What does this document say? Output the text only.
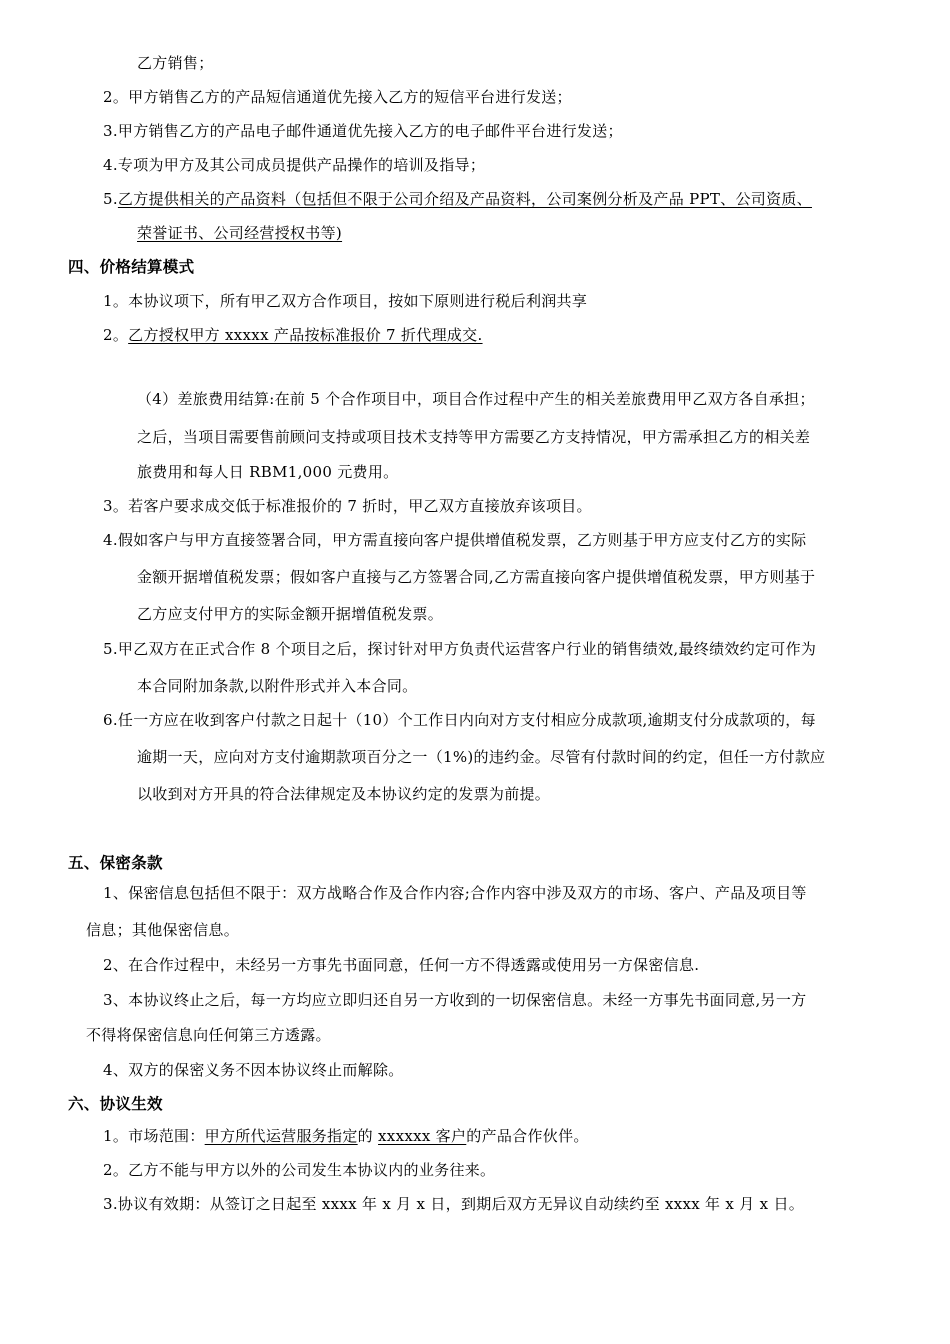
乙方销售；
2。甲方销售乙方的产品短信通道优先接入乙方的短信平台进行发送；
3.甲方销售乙方的产品电子邮件通道优先接入乙方的电子邮件平台进行发送；
4.专项为甲方及其公司成员提供产品操作的培训及指导；
5.乙方提供相关的产品资料（包括但不限于公司介绍及产品资料，公司案例分析及产品 PPT、公司资质、
荣誉证书、公司经营授权书等)
四、价格结算模式
1。本协议项下，所有甲乙双方合作项目，按如下原则进行税后利润共享
2。乙方授权甲方 xxxxx 产品按标准报价 7 折代理成交.
（4）差旅费用结算:在前 5 个合作项目中，项目合作过程中产生的相关差旅费用甲乙双方各自承担；
之后，当项目需要售前顾问支持或项目技术支持等甲方需要乙方支持情况，甲方需承担乙方的相关差
旅费用和每人日 RBM1,000 元费用。
3。若客户要求成交低于标准报价的 7 折时，甲乙双方直接放弃该项目。
4.假如客户与甲方直接签署合同，甲方需直接向客户提供增值税发票，乙方则基于甲方应支付乙方的实际
金额开据增值税发票；假如客户直接与乙方签署合同,乙方需直接向客户提供增值税发票，甲方则基于
乙方应支付甲方的实际金额开据增值税发票。
5.甲乙双方在正式合作 8 个项目之后，探讨针对甲方负责代运营客户行业的销售绩效,最终绩效约定可作为
本合同附加条款,以附件形式并入本合同。
6.任一方应在收到客户付款之日起十（10）个工作日内向对方支付相应分成款项,逾期支付分成款项的，每
逾期一天，应向对方支付逾期款项百分之一（1%)的违约金。尽管有付款时间的约定，但任一方付款应
以收到对方开具的符合法律规定及本协议约定的发票为前提。
五、保密条款
1、保密信息包括但不限于：双方战略合作及合作内容;合作内容中涉及双方的市场、客户、产品及项目等
信息；其他保密信息。
2、在合作过程中，未经另一方事先书面同意，任何一方不得透露或使用另一方保密信息.
3、本协议终止之后，每一方均应立即归还自另一方收到的一切保密信息。未经一方事先书面同意,另一方
不得将保密信息向任何第三方透露。
4、双方的保密义务不因本协议终止而解除。
六、协议生效
1。市场范围：甲方所代运营服务指定的 xxxxxx 客户的产品合作伙伴。
2。乙方不能与甲方以外的公司发生本协议内的业务往来。
3.协议有效期：从签订之日起至 xxxx 年 x 月 x 日，到期后双方无异议自动续约至 xxxx 年 x 月 x 日。
